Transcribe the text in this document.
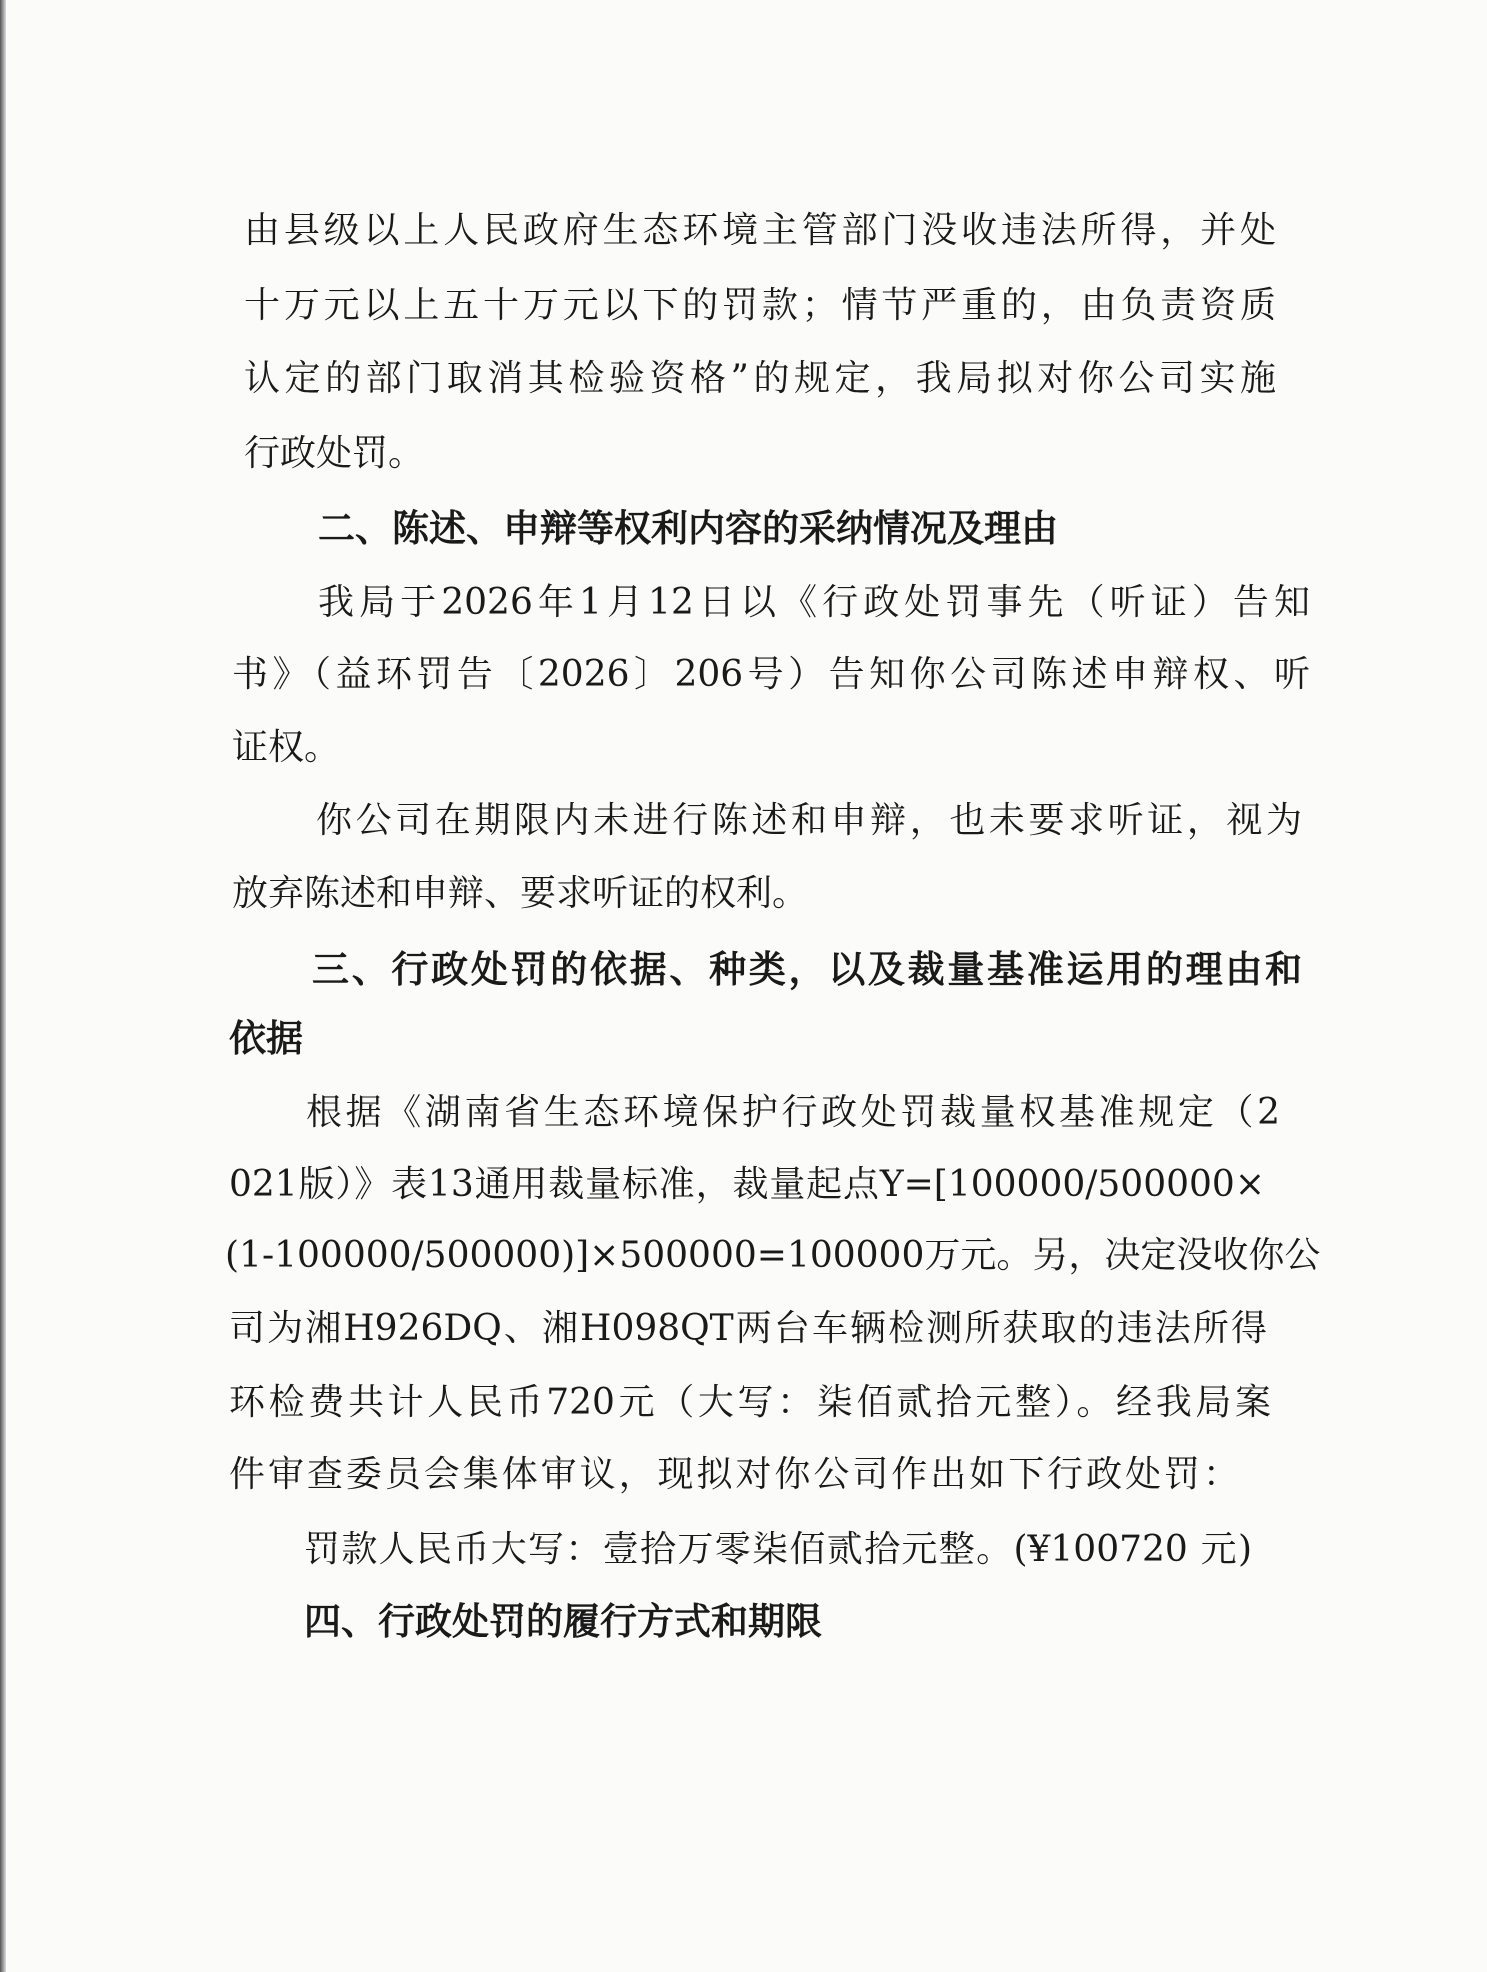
由县级以上人民政府生态环境主管部门没收违法所得，并处
十万元以上五十万元以下的罚款；情节严重的，由负责资质
认定的部门取消其检验资格”的规定，我局拟对你公司实施
行政处罚。
二、陈述、申辩等权利内容的采纳情况及理由
我局于2026年1月12日以《行政处罚事先（听证）告知
书》（益环罚告〔2026〕206号）告知你公司陈述申辩权、听
证权。
你公司在期限内未进行陈述和申辩，也未要求听证，视为
放弃陈述和申辩、要求听证的权利。
三、行政处罚的依据、种类，以及裁量基准运用的理由和
依据
根据《湖南省生态环境保护行政处罚裁量权基准规定（2
021版）》表13通用裁量标准，裁量起点Y=[100000/500000×
(1-100000/500000)]×500000=100000万元。另，决定没收你公
司为湘H926DQ、湘H098QT两台车辆检测所获取的违法所得
环检费共计人民币720元（大写：柒佰贰拾元整）。经我局案
件审查委员会集体审议，现拟对你公司作出如下行政处罚：
罚款人民币大写：壹拾万零柒佰贰拾元整。(¥100720 元)
四、行政处罚的履行方式和期限
